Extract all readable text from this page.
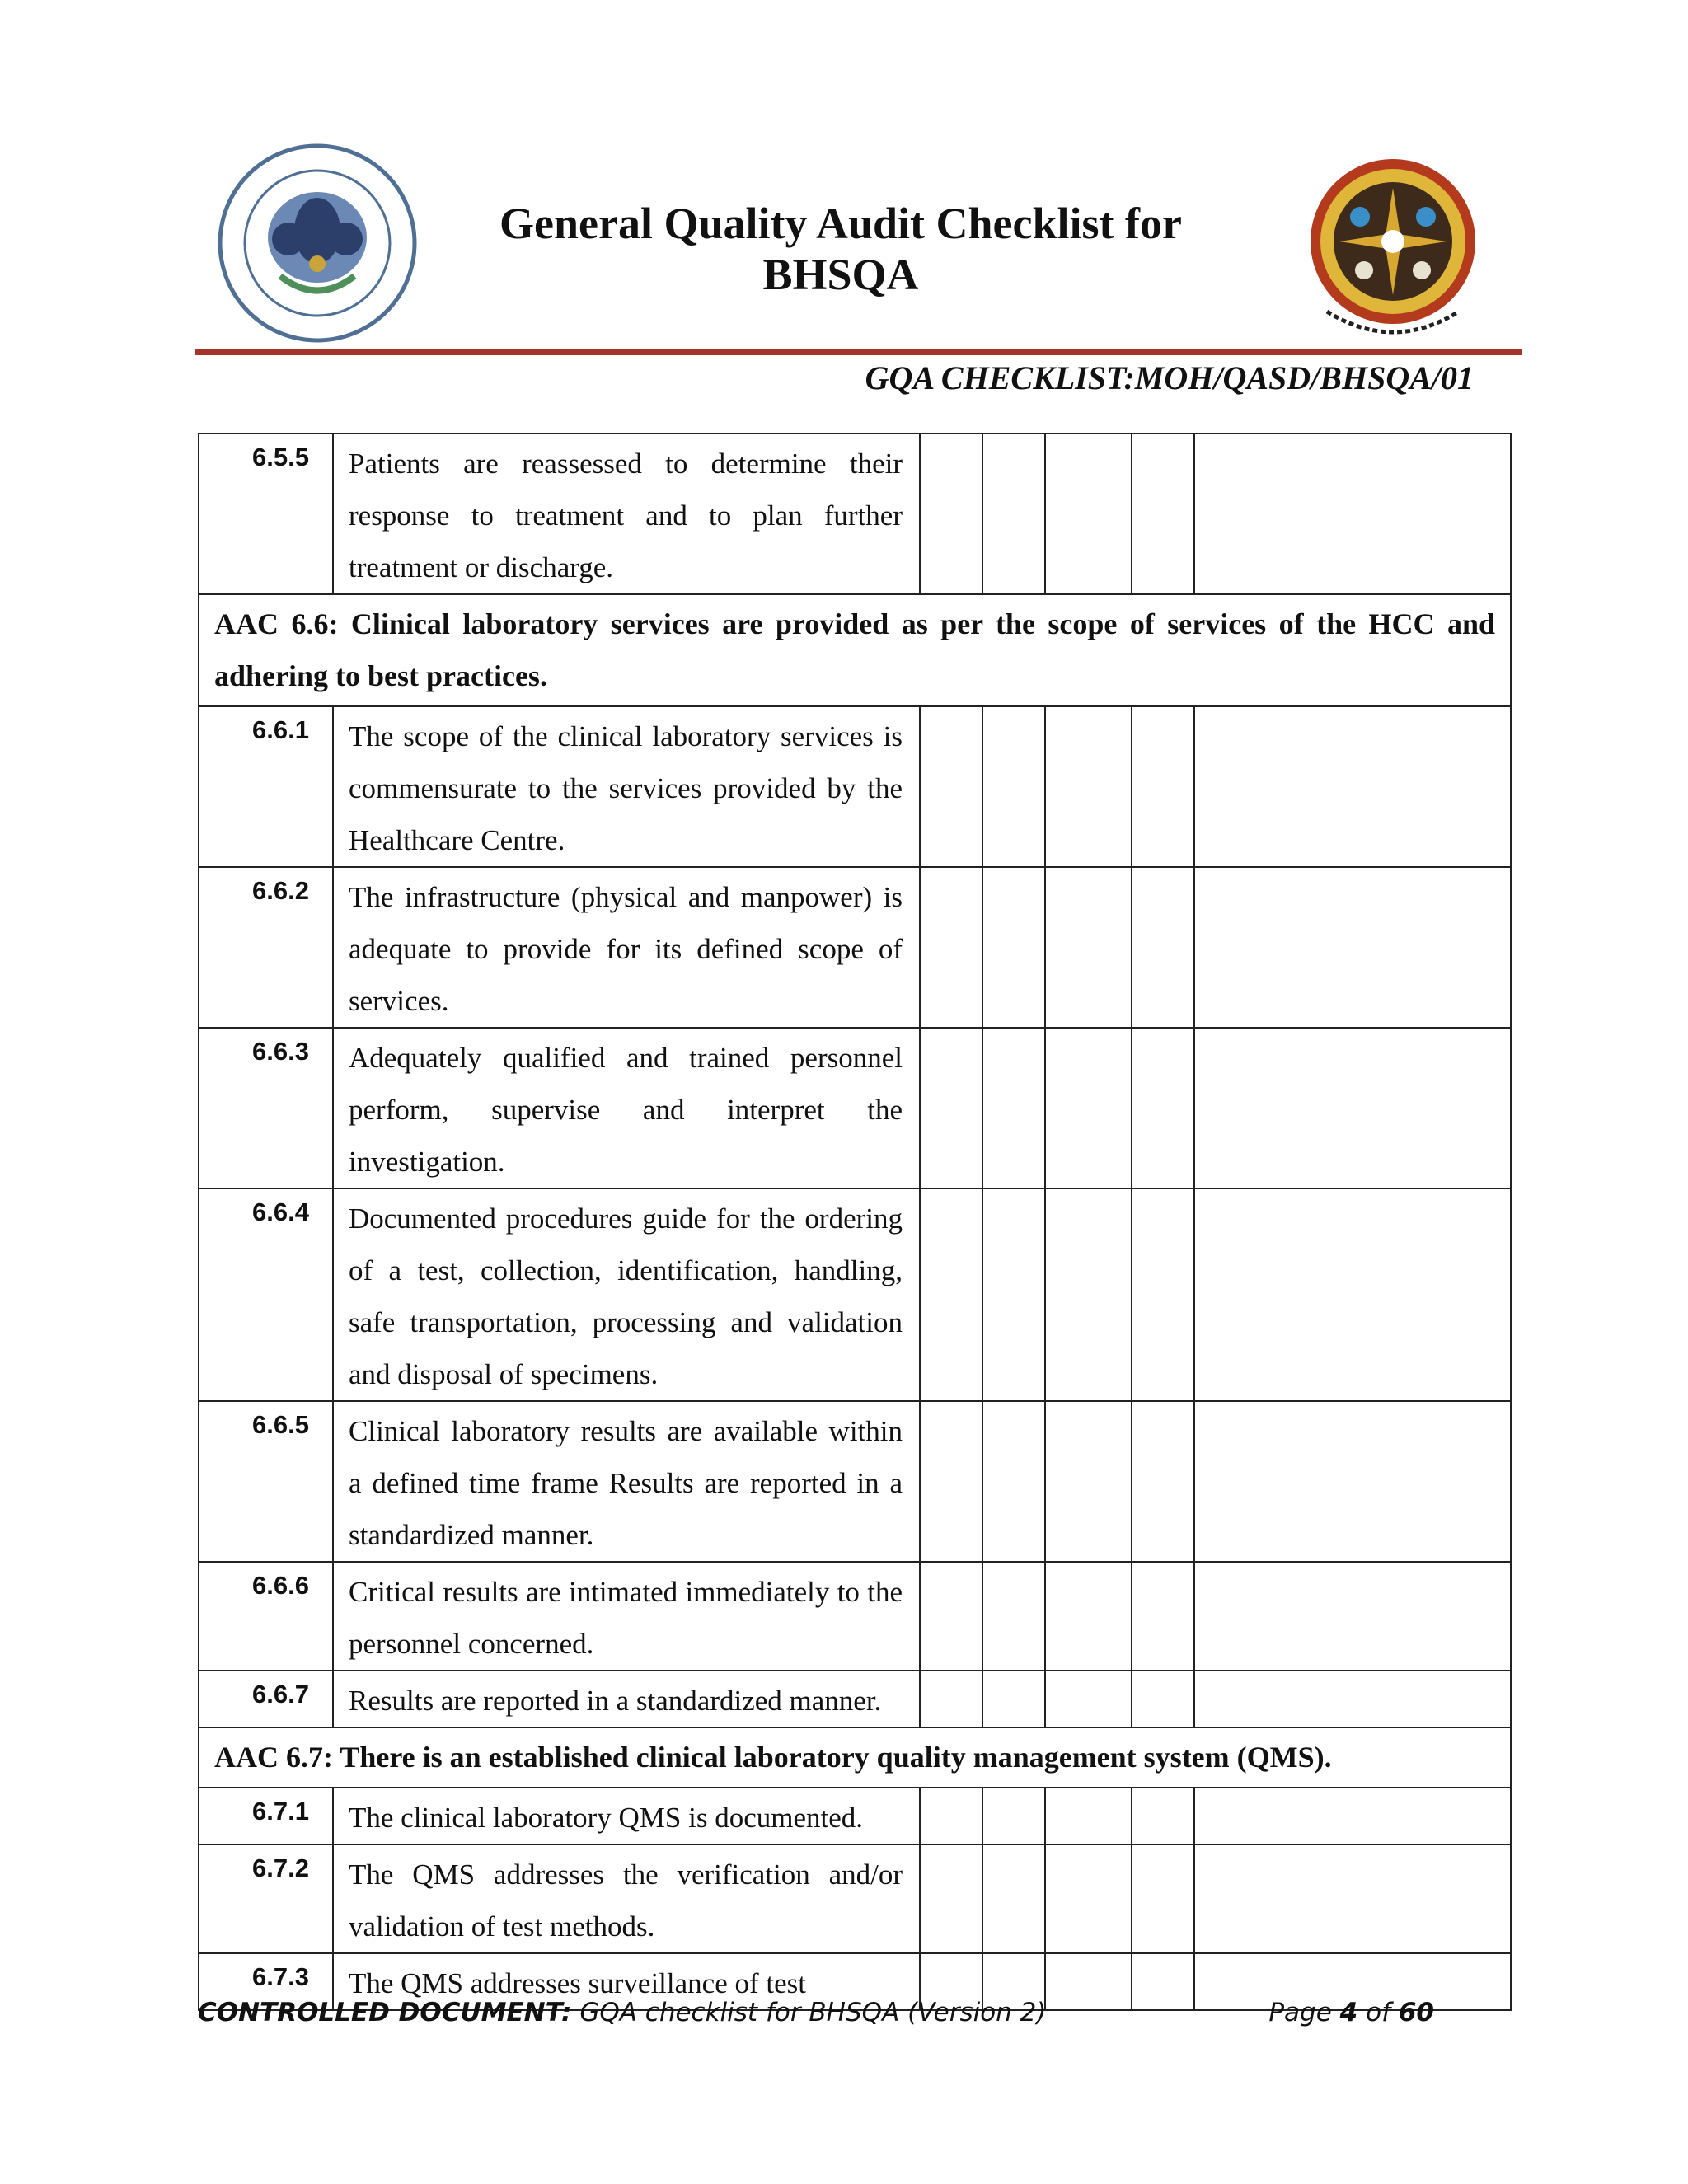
General Quality Audit Checklist for
BHSQA
GQA CHECKLIST:MOH/QASD/BHSQA/01
6.5.5	Patients are reassessed to determine their response to treatment and to plan further treatment or discharge.					
AAC 6.6: Clinical laboratory services are provided as per the scope of services of the HCC and adhering to best practices.						
6.6.1	The scope of the clinical laboratory services is commensurate to the services provided by the Healthcare Centre.					
6.6.2	The infrastructure (physical and manpower) is adequate to provide for its defined scope of services.					
6.6.3	Adequately qualified and trained personnel perform, supervise and interpret the investigation.					
6.6.4	Documented procedures guide for the ordering of a test, collection, identification, handling, safe transportation, processing and validation and disposal of specimens.					
6.6.5	Clinical laboratory results are available within a defined time frame Results are reported in a standardized manner.					
6.6.6	Critical results are intimated immediately to the personnel concerned.					
6.6.7	Results are reported in a standardized manner.					
AAC 6.7: There is an established clinical laboratory quality management system (QMS).						
6.7.1	The clinical laboratory QMS is documented.					
6.7.2	The QMS addresses the verification and/or validation of test methods.					
6.7.3	The QMS addresses surveillance of test					
CONTROLLED DOCUMENT: GQA checklist for BHSQA (Version 2)	Page 4 of 60
